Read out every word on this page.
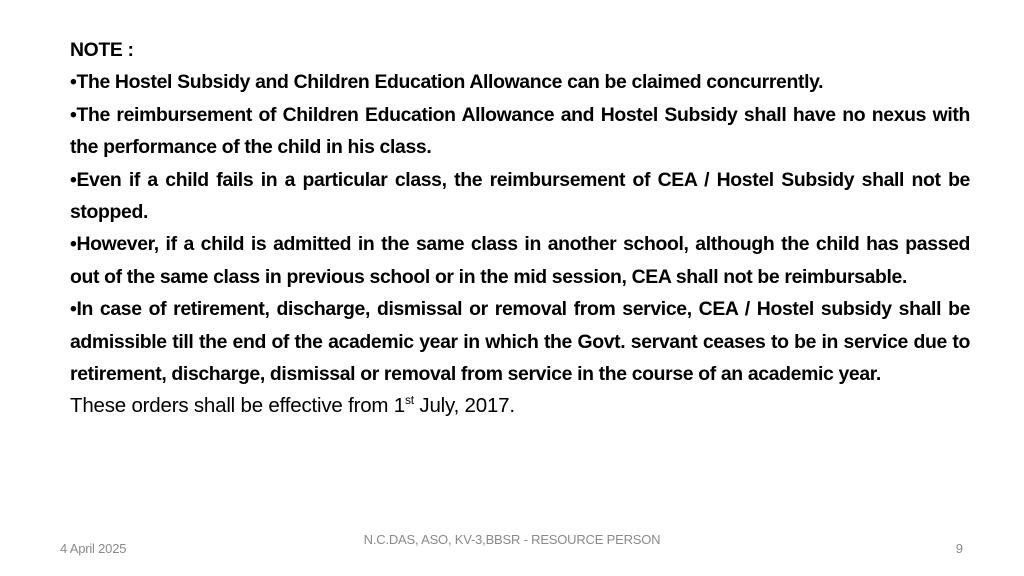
NOTE :

•The Hostel Subsidy and Children Education Allowance can be claimed concurrently.

•The reimbursement of Children Education Allowance and Hostel Subsidy shall have no nexus with the performance of the child in his class.

•Even if a child fails in a particular class, the reimbursement of CEA / Hostel Subsidy shall not be stopped.

•However, if a child is admitted in the same class in another school, although the child has passed out of the same class in previous school or in the mid session, CEA shall not be reimbursable.

•In case of retirement, discharge, dismissal or removal from service, CEA / Hostel subsidy shall be admissible till the end of the academic year in which the Govt. servant ceases to be in service due to retirement, discharge, dismissal or removal from service in the course of an academic year.

These orders shall be effective from 1st July, 2017.

4 April 2025
N.C.DAS, ASO, KV-3,BBSR - RESOURCE PERSON
9
